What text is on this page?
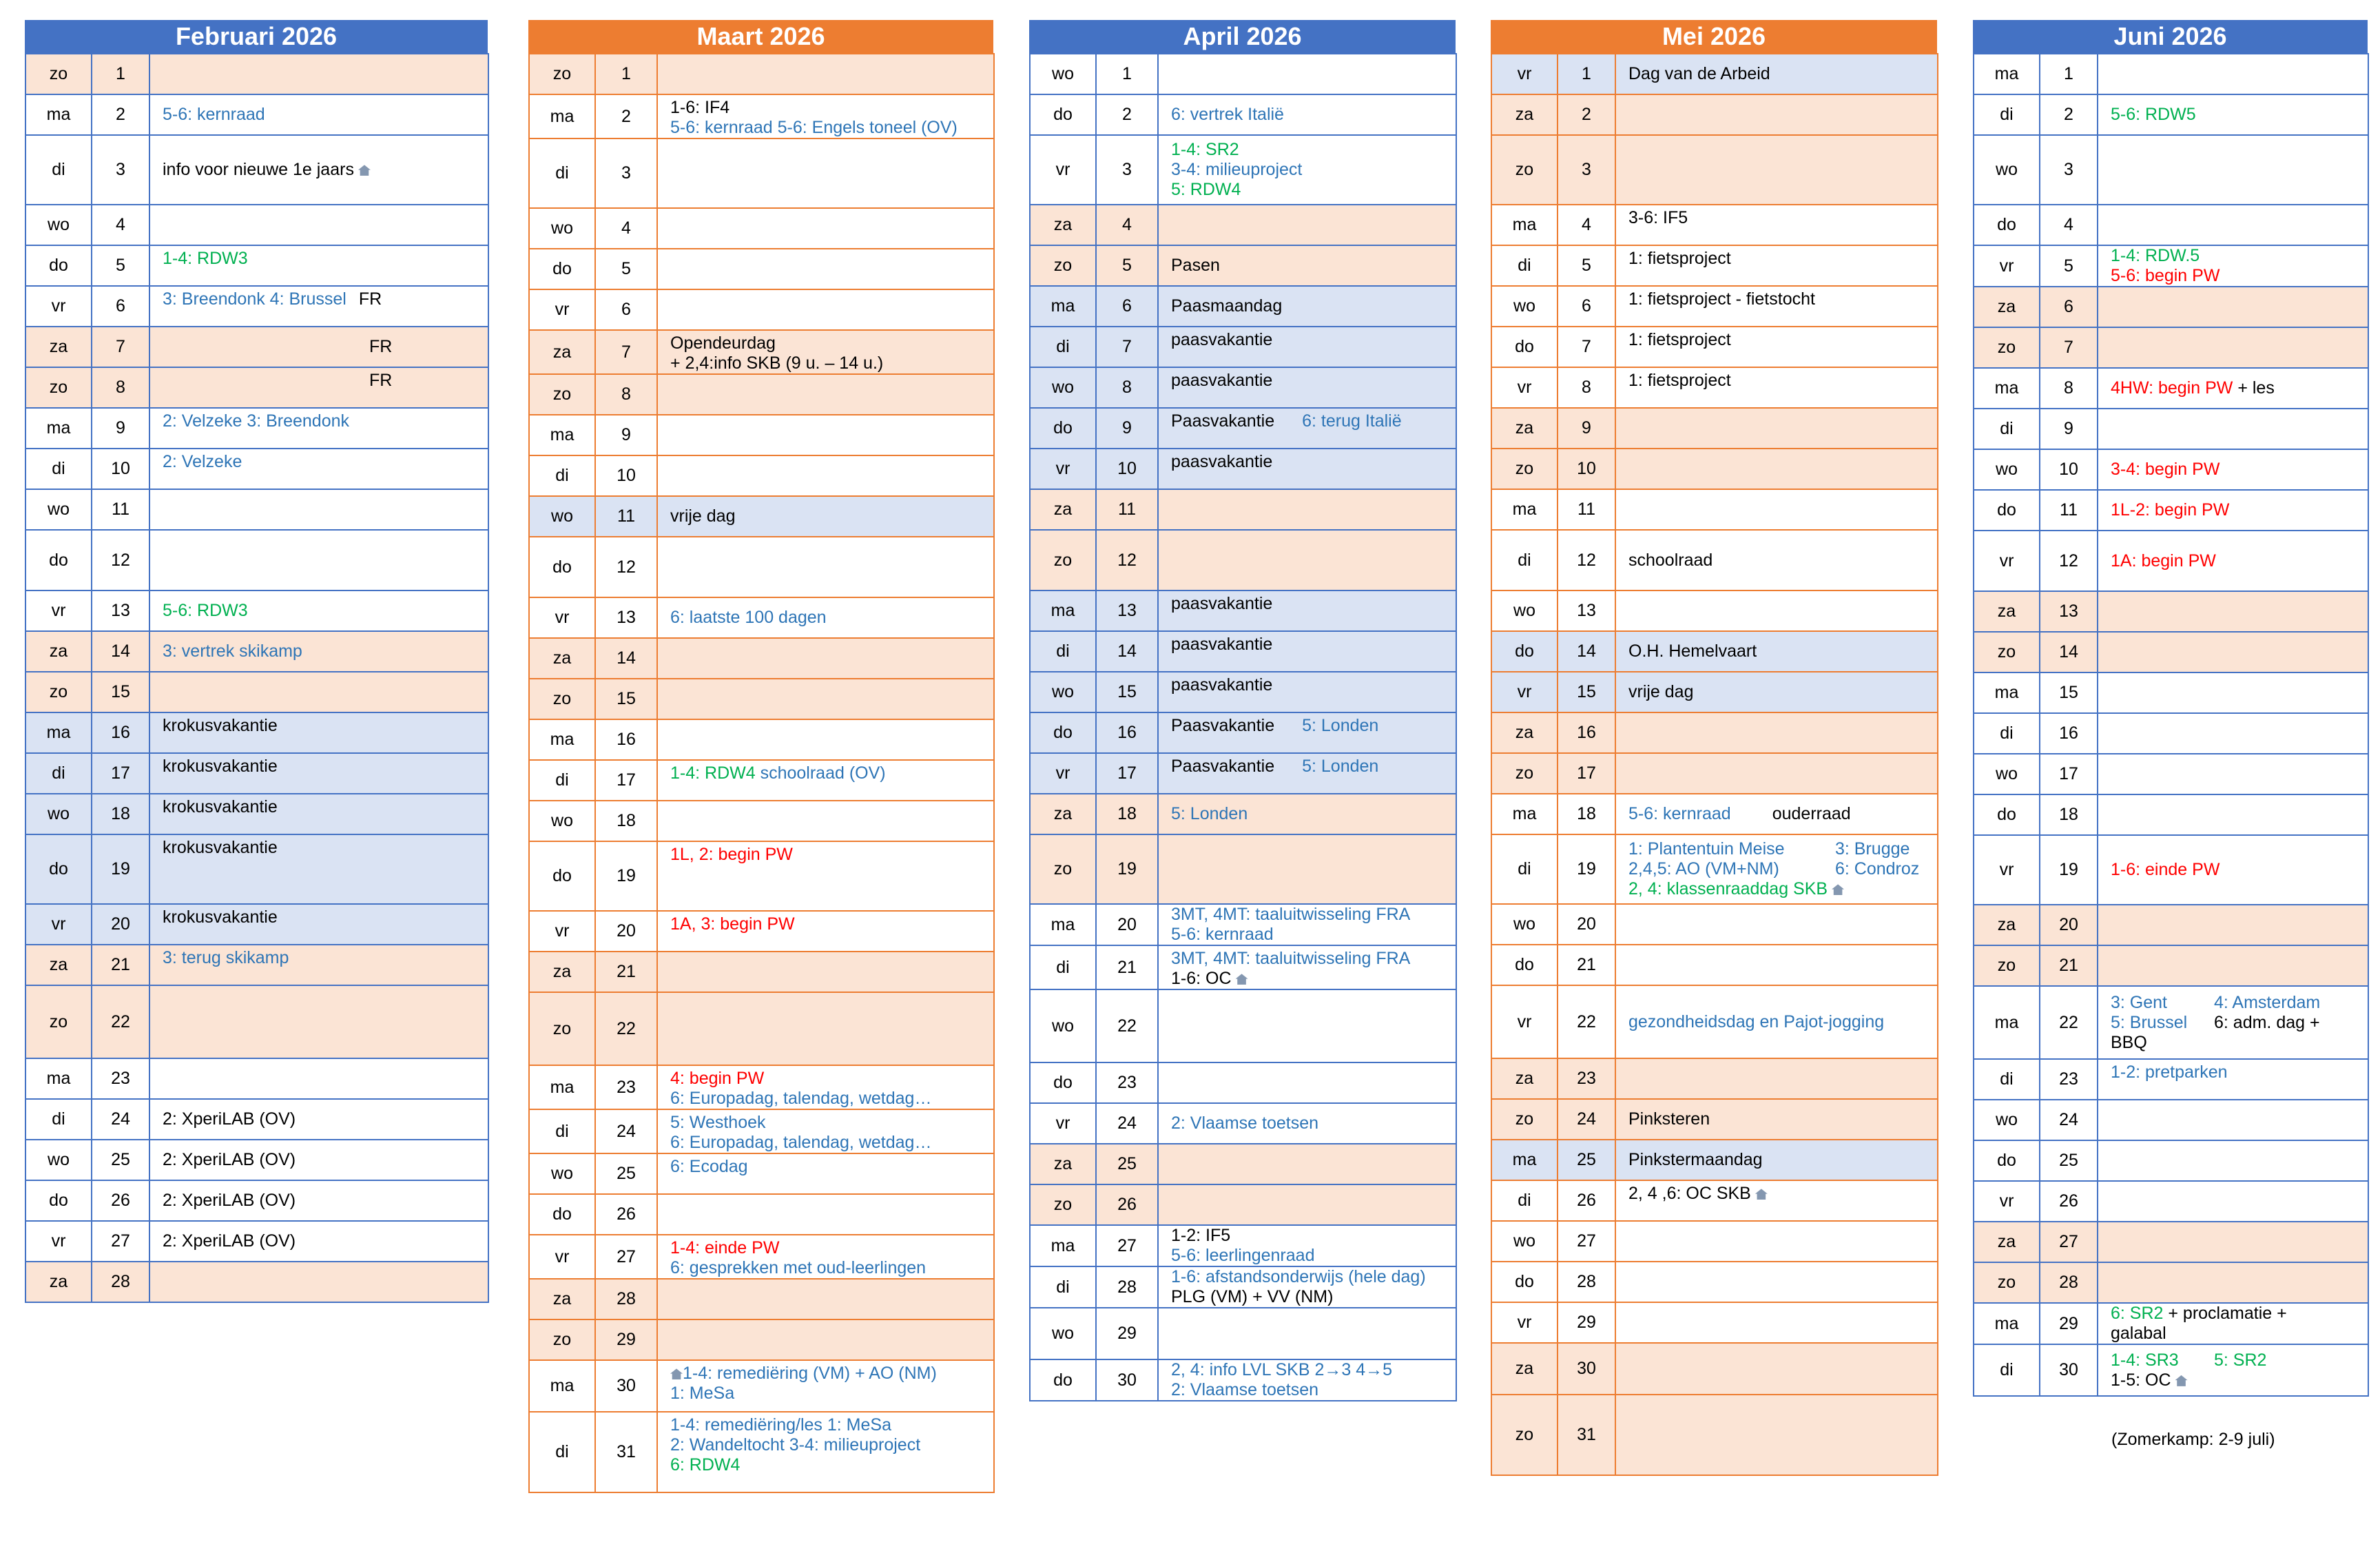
Februari 2026
zo	1	
ma	2	5-6: kernraad

di	3	info voor nieuwe 1e jaars

wo	4	
do	5	1-4: RDW3

vr	6	3: Breendonk 4: Brussel FR

za	7	FR

zo	8	FR

ma	9	2: Velzeke 3: Breendonk

di	10	2: Velzeke

wo	11	
do	12	
vr	13	5-6: RDW3

za	14	3: vertrek skikamp

zo	15	
ma	16	krokusvakantie

di	17	krokusvakantie

wo	18	krokusvakantie

do	19	krokusvakantie

vr	20	krokusvakantie

za	21	3: terug skikamp

zo	22	
ma	23	
di	24	2: XperiLAB (OV)

wo	25	2: XperiLAB (OV)

do	26	2: XperiLAB (OV)

vr	27	2: XperiLAB (OV)

za	28	
Maart 2026
zo	1	
ma	2	1-6: IF4
5-6: kernraad 5-6: Engels toneel (OV)

di	3	
wo	4	
do	5	
vr	6	
za	7	Opendeurdag
+ 2,4:info SKB (9 u. – 14 u.)

zo	8	
ma	9	
di	10	
wo	11	vrije dag

do	12	
vr	13	6: laatste 100 dagen

za	14	
zo	15	
ma	16	
di	17	1-4: RDW4 schoolraad (OV)

wo	18	
do	19	1L, 2: begin PW

vr	20	1A, 3: begin PW

za	21	
zo	22	
ma	23	4: begin PW
6: Europadag, talendag, wetdag…

di	24	5: Westhoek
6: Europadag, talendag, wetdag…

wo	25	6: Ecodag

do	26	
vr	27	1-4: einde PW
6: gesprekken met oud-leerlingen

za	28	
zo	29	
ma	30	1-4: remediëring (VM) + AO (NM)
1: MeSa

di	31	1-4: remediëring/les 1: MeSa
2: Wandeltocht 3-4: milieuproject
6: RDW4
April 2026
wo	1	
do	2	6: vertrek Italië

vr	3	1-4: SR2
3-4: milieuproject
5: RDW4

za	4	
zo	5	Pasen

ma	6	Paasmaandag

di	7	paasvakantie

wo	8	paasvakantie

do	9	Paasvakantie 6: terug Italië

vr	10	paasvakantie

za	11	
zo	12	
ma	13	paasvakantie

di	14	paasvakantie

wo	15	paasvakantie

do	16	Paasvakantie 5: Londen

vr	17	Paasvakantie 5: Londen

za	18	5: Londen

zo	19	
ma	20	3MT, 4MT: taaluitwisseling FRA
5-6: kernraad

di	21	3MT, 4MT: taaluitwisseling FRA
1-6: OC

wo	22	
do	23	
vr	24	2: Vlaamse toetsen

za	25	
zo	26	
ma	27	1-2: IF5
5-6: leerlingenraad

di	28	1-6: afstandsonderwijs (hele dag)
PLG (VM) + VV (NM)

wo	29	
do	30	2, 4: info LVL SKB 2→3 4→5
2: Vlaamse toetsen
Mei 2026
vr	1	Dag van de Arbeid

za	2	
zo	3	
ma	4	3-6: IF5

di	5	1: fietsproject

wo	6	1: fietsproject - fietstocht

do	7	1: fietsproject

vr	8	1: fietsproject

za	9	
zo	10	
ma	11	
di	12	schoolraad

wo	13	
do	14	O.H. Hemelvaart

vr	15	vrije dag

za	16	
zo	17	
ma	18	5-6: kernraad ouderraad

di	19	1: Plantentuin Meise 3: Brugge
2,4,5: AO (VM+NM) 6: Condroz
2, 4: klassenraaddag SKB

wo	20	
do	21	
vr	22	gezondheidsdag en Pajot-jogging

za	23	
zo	24	Pinksteren

ma	25	Pinkstermaandag

di	26	2, 4 ,6: OC SKB

wo	27	
do	28	
vr	29	
za	30	
zo	31	
Juni 2026
ma	1	
di	2	5-6: RDW5

wo	3	
do	4	
vr	5	1-4: RDW.5
5-6: begin PW

za	6	
zo	7	
ma	8	4HW: begin PW + les

di	9	
wo	10	3-4: begin PW

do	11	1L-2: begin PW

vr	12	1A: begin PW

za	13	
zo	14	
ma	15	
di	16	
wo	17	
do	18	
vr	19	1-6: einde PW

za	20	
zo	21	
ma	22	3: Gent 4: Amsterdam
5: Brussel 6: adm. dag +
BBQ

di	23	1-2: pretparken

wo	24	
do	25	
vr	26	
za	27	
zo	28	
ma	29	6: SR2 + proclamatie +
galabal

di	30	1-4: SR3 5: SR2
1-5: OC
(Zomerkamp: 2-9 juli)
